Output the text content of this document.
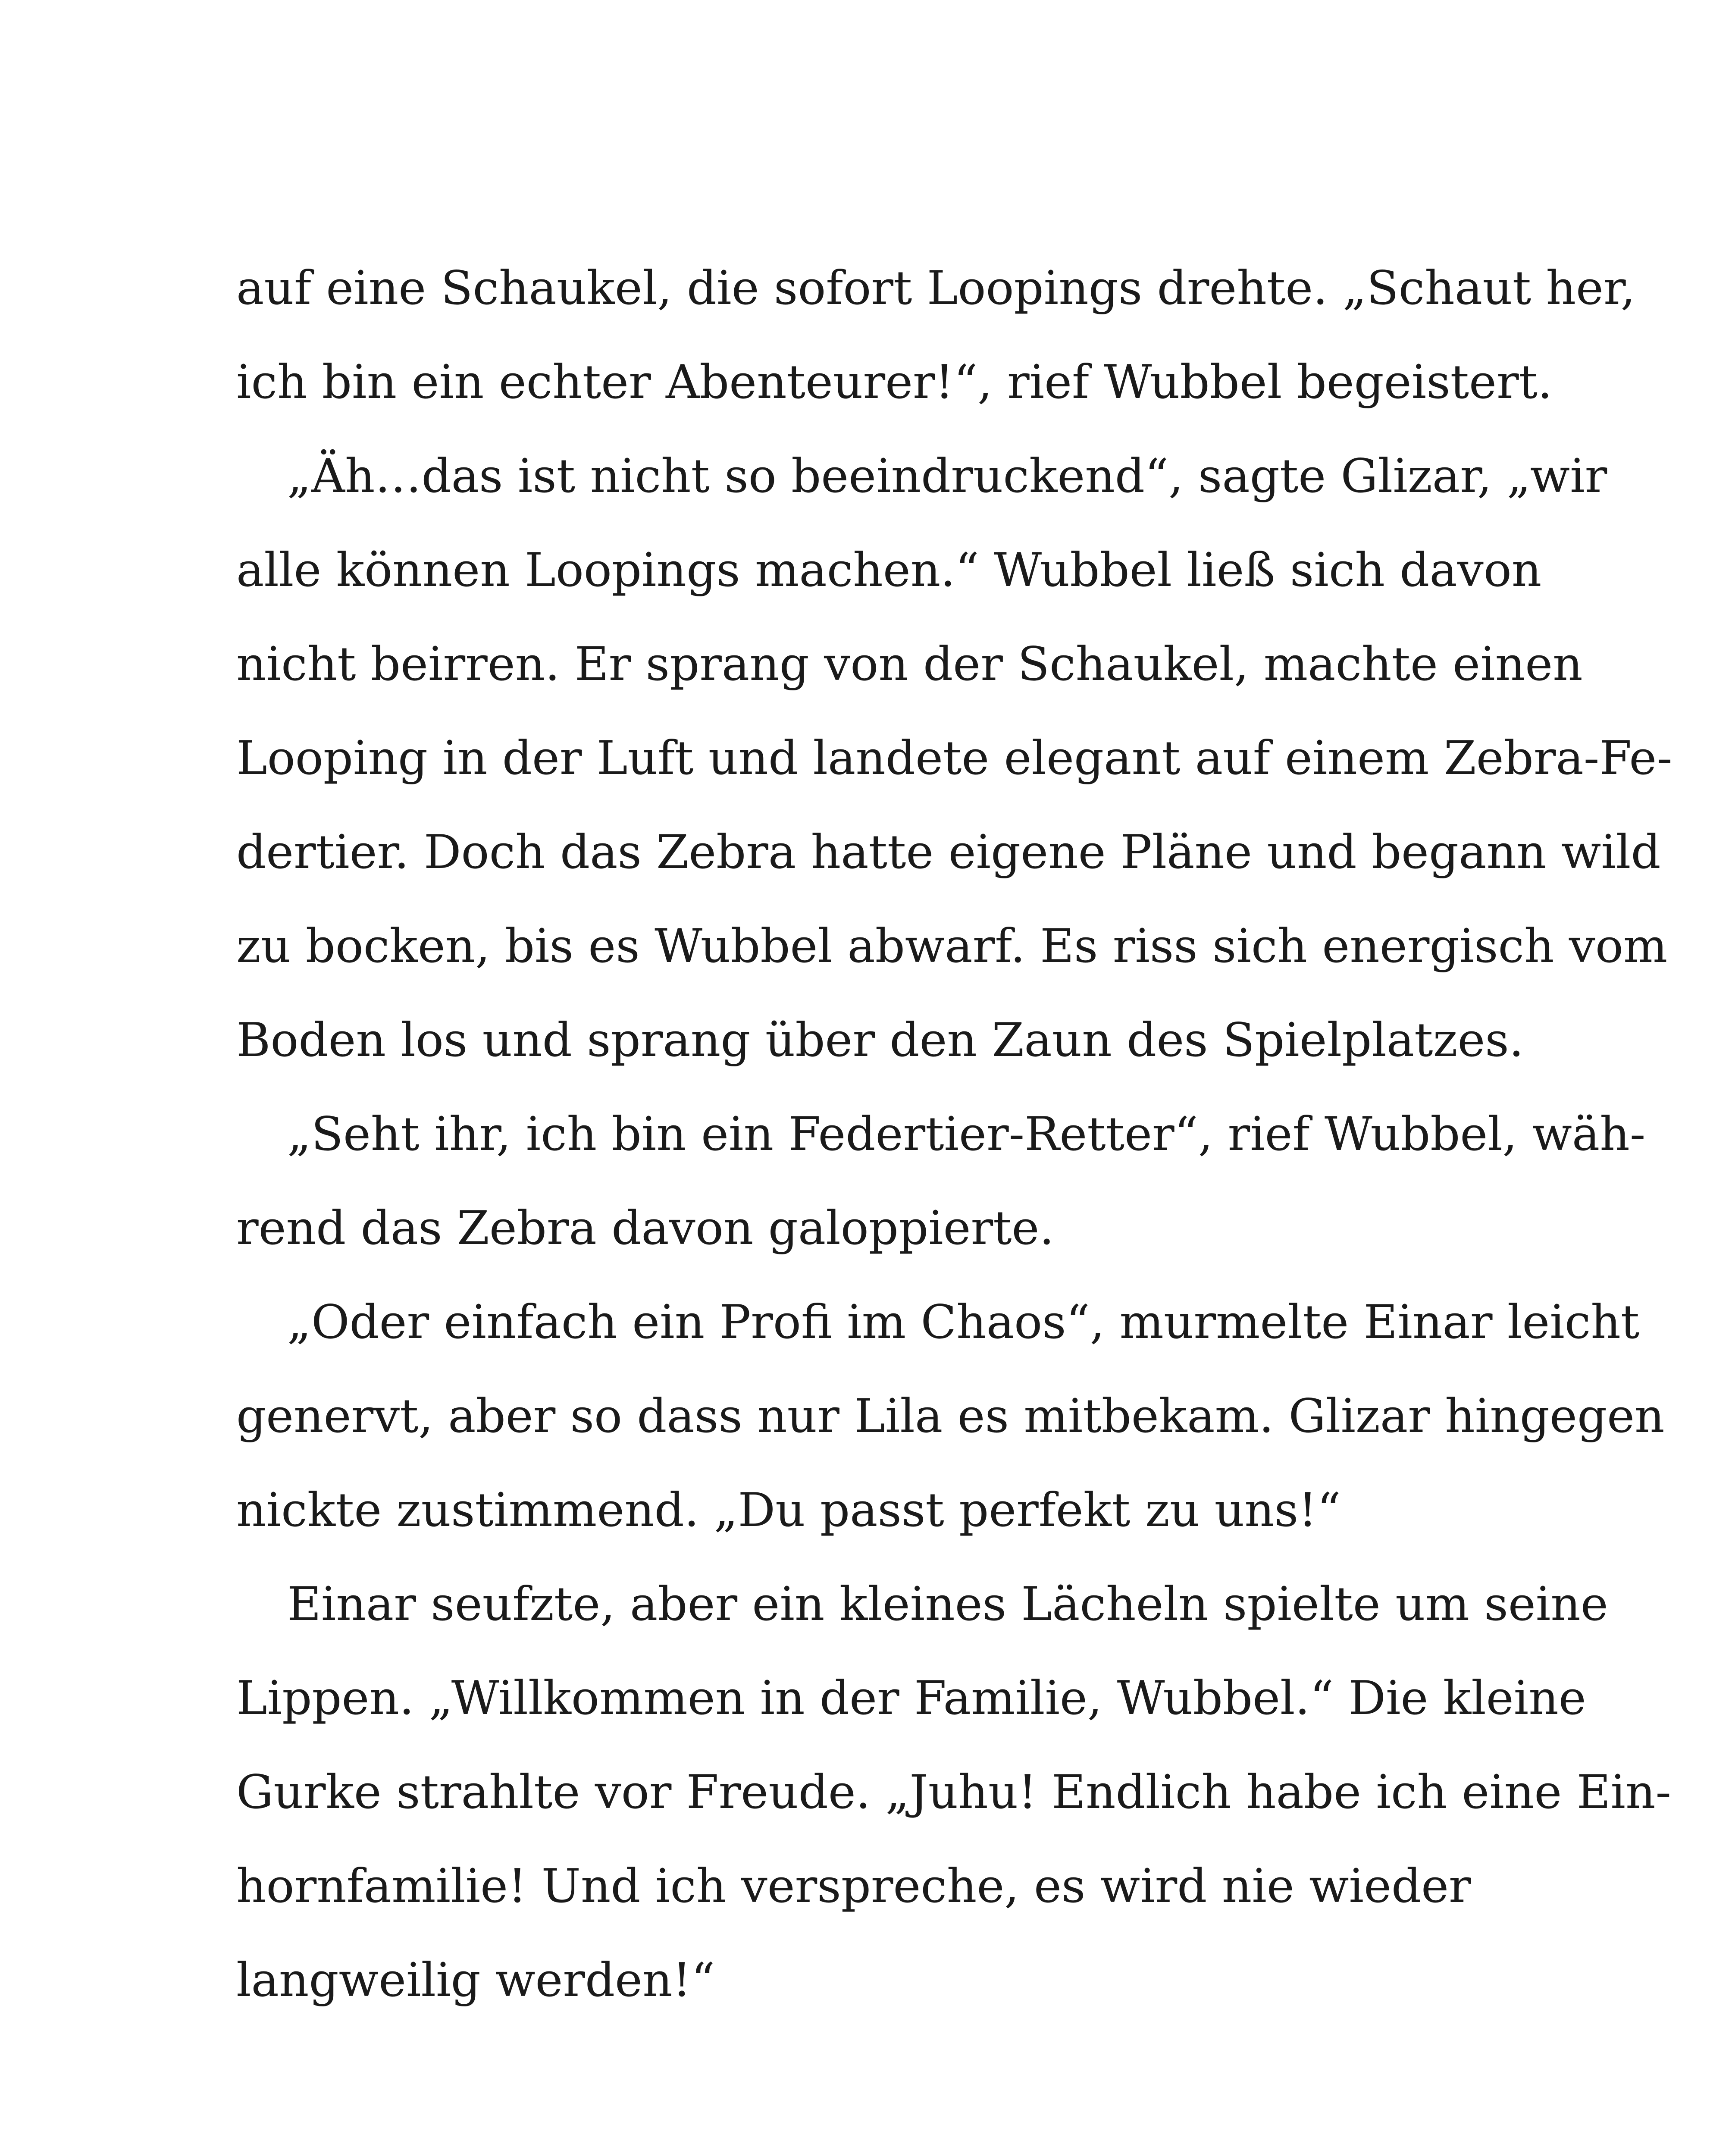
auf eine Schaukel, die sofort Loopings drehte. „Schaut her,
ich bin ein echter Abenteurer!“, rief Wubbel begeistert.
„Äh…das ist nicht so beeindruckend“, sagte Glizar, „wir
alle können Loopings machen.“ Wubbel ließ sich davon
nicht beirren. Er sprang von der Schaukel, machte einen
Looping in der Luft und landete elegant auf einem Zebra-Fe-
dertier. Doch das Zebra hatte eigene Pläne und begann wild
zu bocken, bis es Wubbel abwarf. Es riss sich energisch vom
Boden los und sprang über den Zaun des Spielplatzes.
„Seht ihr, ich bin ein Federtier-Retter“, rief Wubbel, wäh-
rend das Zebra davon galoppierte.
„Oder einfach ein Profi im Chaos“, murmelte Einar leicht
genervt, aber so dass nur Lila es mitbekam. Glizar hingegen
nickte zustimmend. „Du passt perfekt zu uns!“
Einar seufzte, aber ein kleines Lächeln spielte um seine
Lippen. „Willkommen in der Familie, Wubbel.“ Die kleine
Gurke strahlte vor Freude. „Juhu! Endlich habe ich eine Ein-
hornfamilie! Und ich verspreche, es wird nie wieder
langweilig werden!“
